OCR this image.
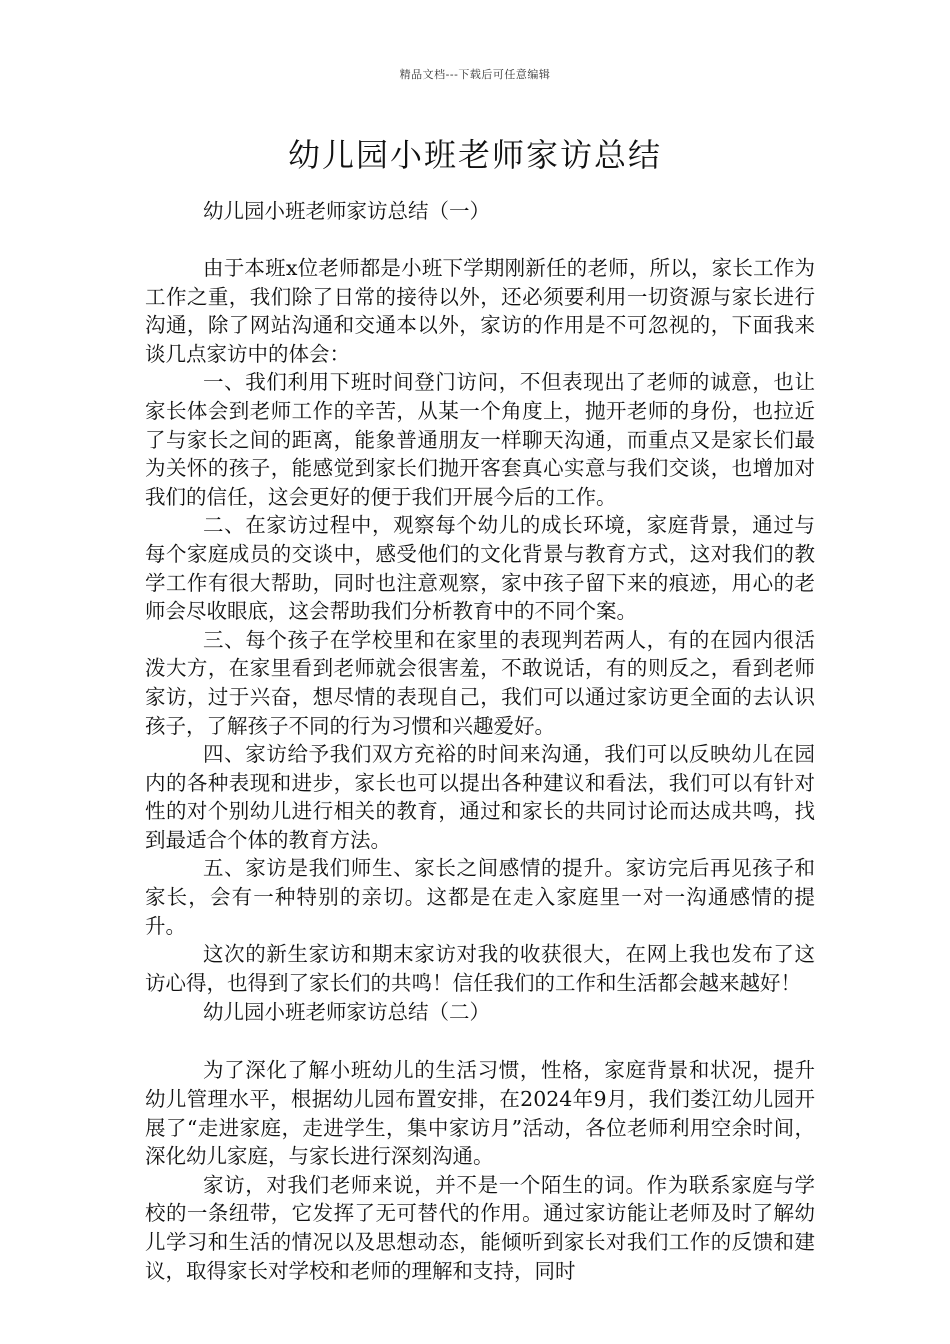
精品文档---下载后可任意编辑
幼儿园小班老师家访总结

幼儿园小班老师家访总结（一）

由于本班x位老师都是小班下学期刚新任的老师，所以，家长工作为工作之重，我们除了日常的接待以外，还必须要利用一切资源与家长进行沟通，除了网站沟通和交通本以外，家访的作用是不可忽视的，下面我来谈几点家访中的体会：

一、我们利用下班时间登门访问，不但表现出了老师的诚意，也让家长体会到老师工作的辛苦，从某一个角度上，抛开老师的身份，也拉近了与家长之间的距离，能象普通朋友一样聊天沟通，而重点又是家长们最为关怀的孩子，能感觉到家长们抛开客套真心实意与我们交谈，也增加对我们的信任，这会更好的便于我们开展今后的工作。

二、在家访过程中，观察每个幼儿的成长环境，家庭背景，通过与每个家庭成员的交谈中，感受他们的文化背景与教育方式，这对我们的教学工作有很大帮助，同时也注意观察，家中孩子留下来的痕迹，用心的老师会尽收眼底，这会帮助我们分析教育中的不同个案。

三、每个孩子在学校里和在家里的表现判若两人，有的在园内很活泼大方，在家里看到老师就会很害羞，不敢说话，有的则反之，看到老师家访，过于兴奋，想尽情的表现自己，我们可以通过家访更全面的去认识孩子，了解孩子不同的行为习惯和兴趣爱好。

四、家访给予我们双方充裕的时间来沟通，我们可以反映幼儿在园内的各种表现和进步，家长也可以提出各种建议和看法，我们可以有针对性的对个别幼儿进行相关的教育，通过和家长的共同讨论而达成共鸣，找到最适合个体的教育方法。

五、家访是我们师生、家长之间感情的提升。家访完后再见孩子和家长，会有一种特别的亲切。这都是在走入家庭里一对一沟通感情的提升。

这次的新生家访和期末家访对我的收获很大，在网上我也发布了这访心得，也得到了家长们的共鸣！信任我们的工作和生活都会越来越好！

幼儿园小班老师家访总结（二）

为了深化了解小班幼儿的生活习惯，性格，家庭背景和状况，提升幼儿管理水平，根据幼儿园布置安排，在2024年9月，我们娄江幼儿园开展了“走进家庭，走进学生，集中家访月”活动，各位老师利用空余时间，深化幼儿家庭，与家长进行深刻沟通。

家访，对我们老师来说，并不是一个陌生的词。作为联系家庭与学校的一条纽带，它发挥了无可替代的作用。通过家访能让老师及时了解幼儿学习和生活的情况以及思想动态，能倾听到家长对我们工作的反馈和建议，取得家长对学校和老师的理解和支持，同时
